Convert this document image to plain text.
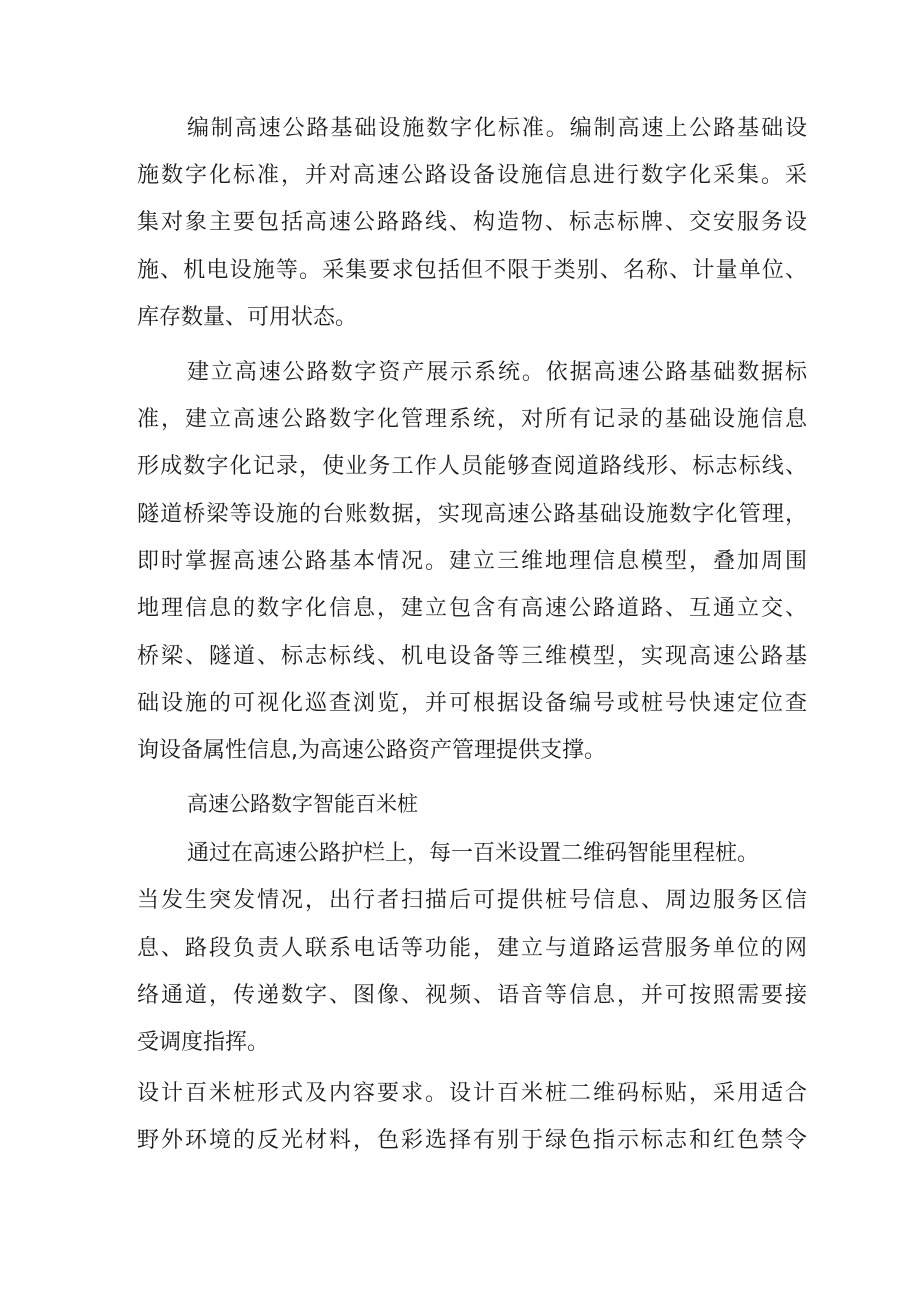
编制高速公路基础设施数字化标准。编制高速上公路基础设
施数字化标准，并对高速公路设备设施信息进行数字化采集。采
集对象主要包括高速公路路线、构造物、标志标牌、交安服务设
施、机电设施等。采集要求包括但不限于类别、名称、计量单位、
库存数量、可用状态。
建立高速公路数字资产展示系统。依据高速公路基础数据标
准，建立高速公路数字化管理系统，对所有记录的基础设施信息
形成数字化记录，使业务工作人员能够查阅道路线形、标志标线、
隧道桥梁等设施的台账数据，实现高速公路基础设施数字化管理，
即时掌握高速公路基本情况。建立三维地理信息模型，叠加周围
地理信息的数字化信息，建立包含有高速公路道路、互通立交、
桥梁、隧道、标志标线、机电设备等三维模型，实现高速公路基
础设施的可视化巡查浏览，并可根据设备编号或桩号快速定位查
询设备属性信息,为高速公路资产管理提供支撑。
高速公路数字智能百米桩
通过在高速公路护栏上，每一百米设置二维码智能里程桩。
当发生突发情况，出行者扫描后可提供桩号信息、周边服务区信
息、路段负责人联系电话等功能，建立与道路运营服务单位的网
络通道，传递数字、图像、视频、语音等信息，并可按照需要接
受调度指挥。
设计百米桩形式及内容要求。设计百米桩二维码标贴，采用适合
野外环境的反光材料，色彩选择有别于绿色指示标志和红色禁令
